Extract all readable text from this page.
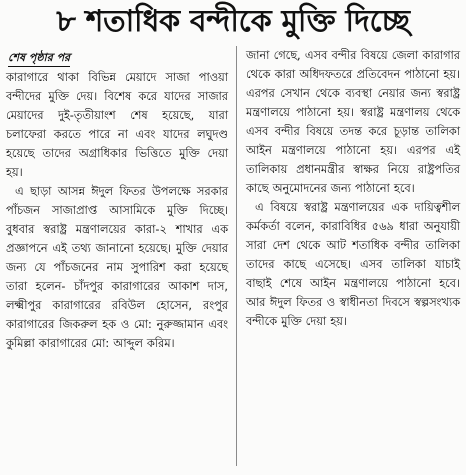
৮ শতাধিক বন্দীকে মুক্তি দিচ্ছে
শেষ পৃষ্ঠার পর

কারাগারে থাকা বিভিন্ন মেয়াদে সাজা পাওয়া বন্দীদের মুক্তি দেয়। বিশেষ করে যাদের সাজার মেয়াদের দুই-তৃতীয়াংশ শেষ হয়েছে, যারা চলাফেরা করতে পারে না এবং যাদের লঘুদণ্ড হয়েছে তাদের অগ্রাধিকার ভিত্তিতে মুক্তি দেয়া হয়।

এ ছাড়া আসন্ন ঈদুল ফিতর উপলক্ষে সরকার পাঁচজন সাজাপ্রাপ্ত আসামিকে মুক্তি দিচ্ছে। বুধবার স্বরাষ্ট্র মন্ত্রণালয়ের কারা-২ শাখার এক প্রজ্ঞাপনে এই তথ্য জানানো হয়েছে। মুক্তি দেয়ার জন্য যে পাঁচজনের নাম সুপারিশ করা হয়েছে তারা হলেন- চাঁদপুর কারাগারের আকাশ দাস, লক্ষ্মীপুর কারাগারের রবিউল হোসেন, রংপুর কারাগারের জিকরুল হক ও মো: নুরুজ্জামান এবং কুমিল্লা কারাগারের মো: আব্দুল করিম।

জানা গেছে, এসব বন্দীর বিষয়ে জেলা কারাগার থেকে কারা অধিদফতরে প্রতিবেদন পাঠানো হয়। এরপর সেখান থেকে ব্যবস্থা নেয়ার জন্য স্বরাষ্ট্র মন্ত্রণালয়ে পাঠানো হয়। স্বরাষ্ট্র মন্ত্রণালয় থেকে এসব বন্দীর বিষয়ে তদন্ত করে চূড়ান্ত তালিকা আইন মন্ত্রণালয়ে পাঠানো হয়। এরপর এই তালিকায় প্রধানমন্ত্রীর স্বাক্ষর নিয়ে রাষ্ট্রপতির কাছে অনুমোদনের জন্য পাঠানো হবে।

এ বিষয়ে স্বরাষ্ট্র মন্ত্রণালয়ের এক দায়িত্বশীল কর্মকর্তা বলেন, কারাবিধির ৫৬৯ ধারা অনুযায়ী সারা দেশ থেকে আট শতাধিক বন্দীর তালিকা তাদের কাছে এসেছে। এসব তালিকা যাচাই বাছাই শেষে আইন মন্ত্রণালয়ে পাঠানো হবে। আর ঈদুল ফিতর ও স্বাধীনতা দিবসে স্বল্পসংখ্যক বন্দীকে মুক্তি দেয়া হয়।
